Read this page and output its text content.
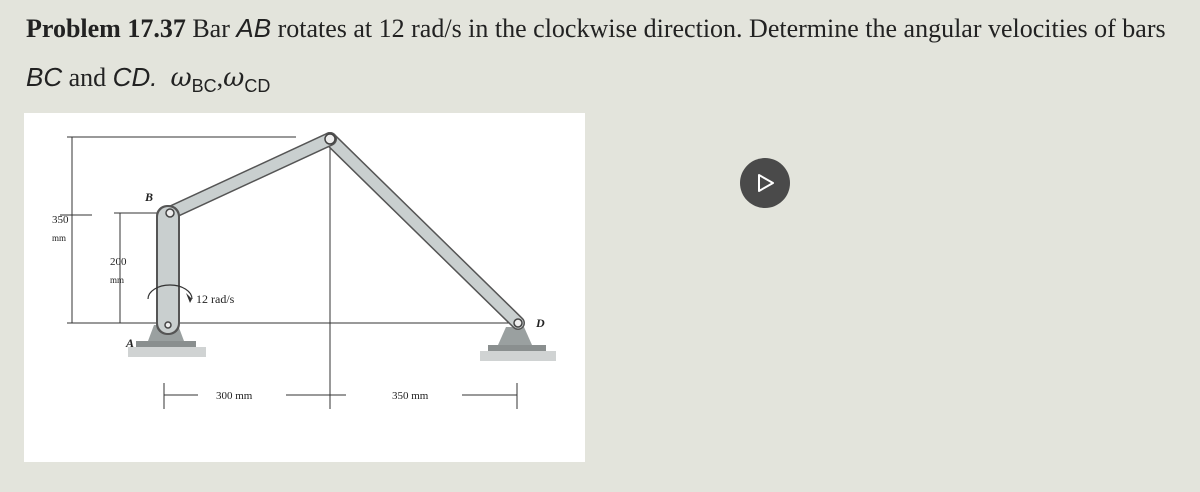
Problem 17.37 Bar AB rotates at 12 rad/s in the clockwise direction. Determine the angular velocities of bars BC and CD. $\omega_{BC},\omega_{CD}$
B
A
D
350
mm
200
mm
12 rad/s
300 mm	350 mm
